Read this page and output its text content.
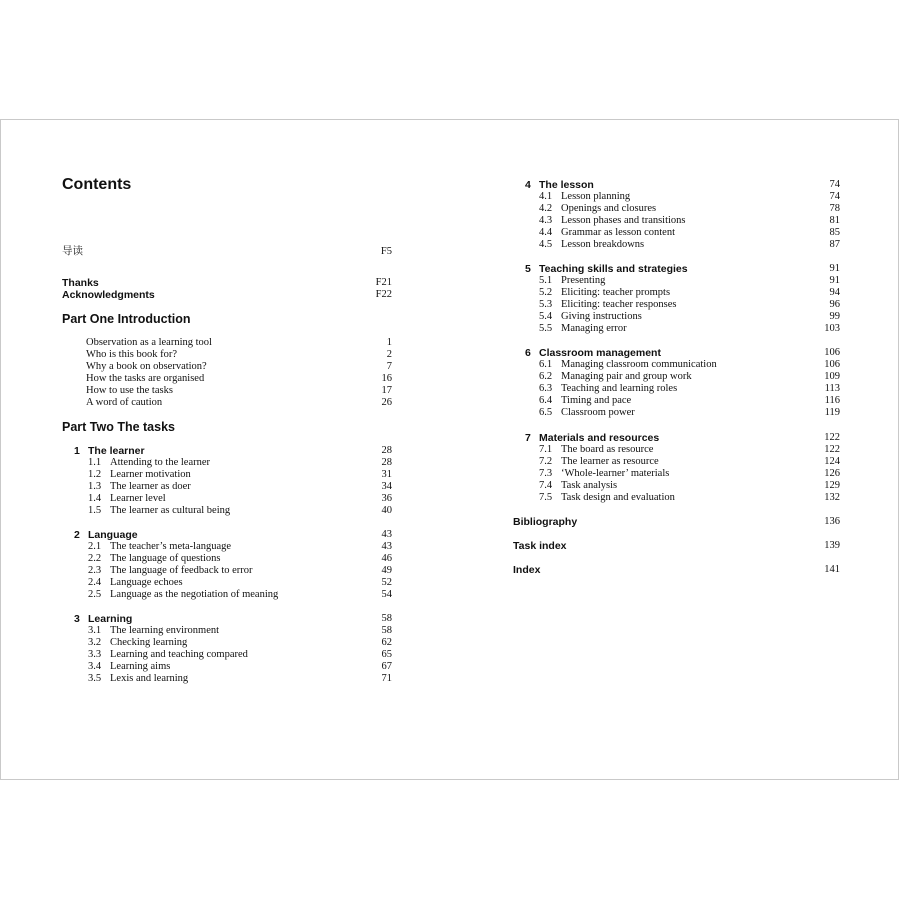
Contents
导读	F5
Thanks	F21
Acknowledgments	F22
Part One Introduction
Observation as a learning tool	1
Who is this book for?	2
Why a book on observation?	7
How the tasks are organised	16
How to use the tasks	17
A word of caution	26
Part Two The tasks
1 The learner	28
1.1 Attending to the learner	28
1.2 Learner motivation	31
1.3 The learner as doer	34
1.4 Learner level	36
1.5 The learner as cultural being	40
2 Language	43
2.1 The teacher’s meta-language	43
2.2 The language of questions	46
2.3 The language of feedback to error	49
2.4 Language echoes	52
2.5 Language as the negotiation of meaning	54
3 Learning	58
3.1 The learning environment	58
3.2 Checking learning	62
3.3 Learning and teaching compared	65
3.4 Learning aims	67
3.5 Lexis and learning	71
4 The lesson	74
4.1 Lesson planning	74
4.2 Openings and closures	78
4.3 Lesson phases and transitions	81
4.4 Grammar as lesson content	85
4.5 Lesson breakdowns	87
5 Teaching skills and strategies	91
5.1 Presenting	91
5.2 Eliciting: teacher prompts	94
5.3 Eliciting: teacher responses	96
5.4 Giving instructions	99
5.5 Managing error	103
6 Classroom management	106
6.1 Managing classroom communication	106
6.2 Managing pair and group work	109
6.3 Teaching and learning roles	113
6.4 Timing and pace	116
6.5 Classroom power	119
7 Materials and resources	122
7.1 The board as resource	122
7.2 The learner as resource	124
7.3 ‘Whole-learner’ materials	126
7.4 Task analysis	129
7.5 Task design and evaluation	132
Bibliography	136
Task index	139
Index	141
